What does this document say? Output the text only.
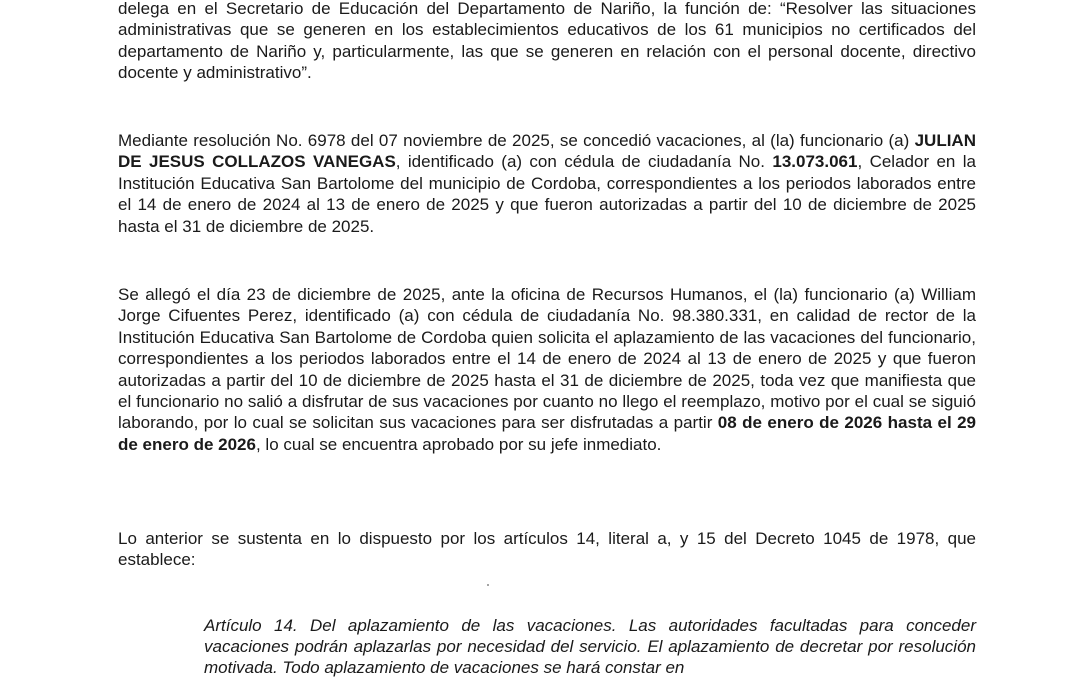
delega en el Secretario de Educación del Departamento de Nariño, la función de: “Resolver las situaciones administrativas que se generen en los establecimientos educativos de los 61 municipios no certificados del departamento de Nariño y, particularmente, las que se generen en relación con el personal docente, directivo docente y administrativo”.
Mediante resolución No. 6978 del 07 noviembre de 2025, se concedió vacaciones, al (la) funcionario (a) JULIAN DE JESUS COLLAZOS VANEGAS, identificado (a) con cédula de ciudadanía No. 13.073.061, Celador en la Institución Educativa San Bartolome del municipio de Cordoba, correspondientes a los periodos laborados entre el 14 de enero de 2024 al 13 de enero de 2025 y que fueron autorizadas a partir del 10 de diciembre de 2025 hasta el 31 de diciembre de 2025.
Se allegó el día 23 de diciembre de 2025, ante la oficina de Recursos Humanos, el (la) funcionario (a) William Jorge Cifuentes Perez, identificado (a) con cédula de ciudadanía No. 98.380.331, en calidad de rector de la Institución Educativa San Bartolome de Cordoba quien solicita el aplazamiento de las vacaciones del funcionario, correspondientes a los periodos laborados entre el 14 de enero de 2024 al 13 de enero de 2025 y que fueron autorizadas a partir del 10 de diciembre de 2025 hasta el 31 de diciembre de 2025, toda vez que manifiesta que el funcionario no salió a disfrutar de sus vacaciones por cuanto no llego el reemplazo, motivo por el cual se siguió laborando, por lo cual se solicitan sus vacaciones para ser disfrutadas a partir 08 de enero de 2026 hasta el 29 de enero de 2026, lo cual se encuentra aprobado por su jefe inmediato.
Lo anterior se sustenta en lo dispuesto por los artículos 14, literal a, y 15 del Decreto 1045 de 1978, que establece:
Artículo 14. Del aplazamiento de las vacaciones. Las autoridades facultadas para conceder vacaciones podrán aplazarlas por necesidad del servicio. El aplazamiento de decretar por resolución motivada. Todo aplazamiento de vacaciones se hará constar en
